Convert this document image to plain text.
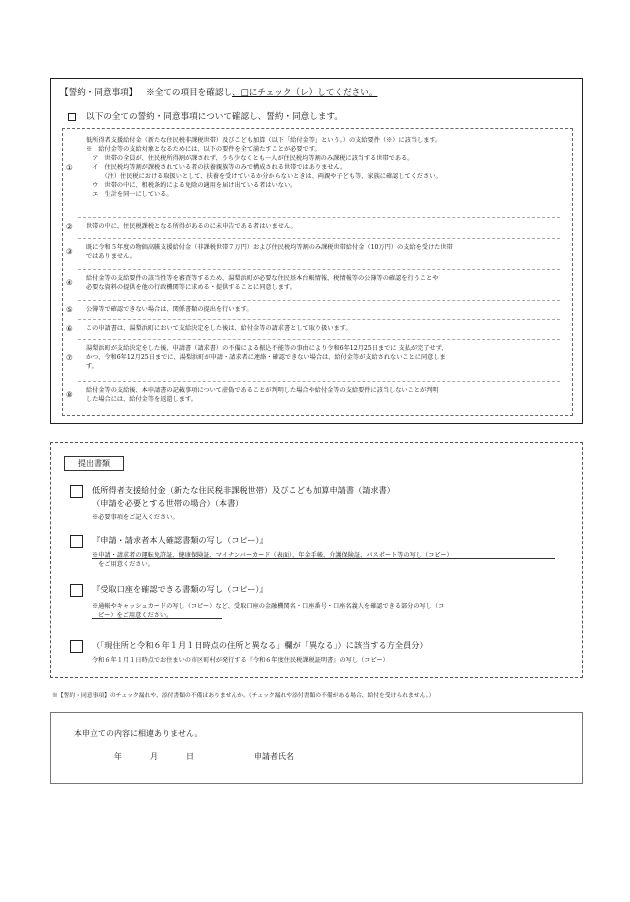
【誓約・同意事項】 ※全ての項目を確認し、□にチェック（レ）してください。
以下の全ての誓約・同意事項について確認し、誓約・同意します。
①
低所得者支援給付金（新たな住民税非課税世帯）及びこども加算（以下「給付金等」という。）の支給要件（※）に該当します。
※　給付金等の支給対象となるためには、以下の要件を全て満たすことが必要です。
　ア　世帯の全員が、住民税所得割が課されず、うち少なくとも一人が住民税均等割のみ課税に該当する世帯である。
　イ　住民税均等割が課税されている者の扶養親族等のみで構成される世帯ではありません。
　　　（注）住民税における取扱いとして、扶養を受けているか分からないときは、両親や子ども等、家族に確認してください。
　ウ　世帯の中に、租税条約による免除の適用を届け出ている者はいない。
　エ　生計を同一にしている。
② 世帯の中に、住民税課税となる所得があるのに未申告である者はいません。
③ 既に令和５年度の物価高騰支援給付金（非課税世帯７万円）および住民税均等割のみ課税世帯給付金（10万円）の支給を受けた世帯
ではありません。
④ 給付金等の支給要件の該当性等を審査等するため、湯梨浜町が必要な住民基本台帳情報、税情報等の公簿等の確認を行うことや
必要な資料の提供を他の行政機関等に求める・提供することに同意します。
⑤ 公簿等で確認できない場合は、関係書類の提出を行います。
⑥ この申請書は、湯梨浜町において支給決定をした後は、給付金等の請求書として取り扱います。
⑦
湯梨浜町が支給決定をした後、申請書（請求書）の不備による振込不能等の事由により令和6年12月25日までに 支払が完了せず、
かつ、令和6年12月25日までに、湯梨浜町が申請・請求者に連絡・確認できない場合は、給付金等が支給されないことに同意しま
す。
⑧ 給付金等の支給後、本申請書の記載事項について虚偽であることが判明した場合や給付金等の支給要件に該当しないことが判明
した場合には、給付金等を返還します。
提出書類
低所得者支援給付金（新たな住民税非課税世帯）及びこども加算申請書（請求書）
（申請を必要とする世帯の場合）（本書）
※必要事項をご記入ください。
『申請・請求者本人確認書類の写し（コピー）』
※申請・請求者の運転免許証、健康保険証、マイナンバーカード（表面）、年金手帳、介護保険証、パスポート等の写し（コピー）
　をご用意ください。
『受取口座を確認できる書類の写し（コピー）』
※通帳やキャッシュカードの写し（コピー）など、受取口座の金融機関名・口座番号・口座名義人を確認できる部分の写し（コ
　ピー）をご用意ください。
（「現住所と令和６年１月１日時点の住所と異なる」欄が「異なる」）に該当する方全員分）
令和６年１月１日時点でお住まいの市区町村が発行する『令和６年度住民税課税証明書』の写し（コピー）
※【誓約・同意事項】のチェック漏れや、添付書類の不備はありませんか。（チェック漏れや添付書類の不備がある場合、給付を受けられません。）
本申立ての内容に相違ありません。
年	月	日	申請者氏名
